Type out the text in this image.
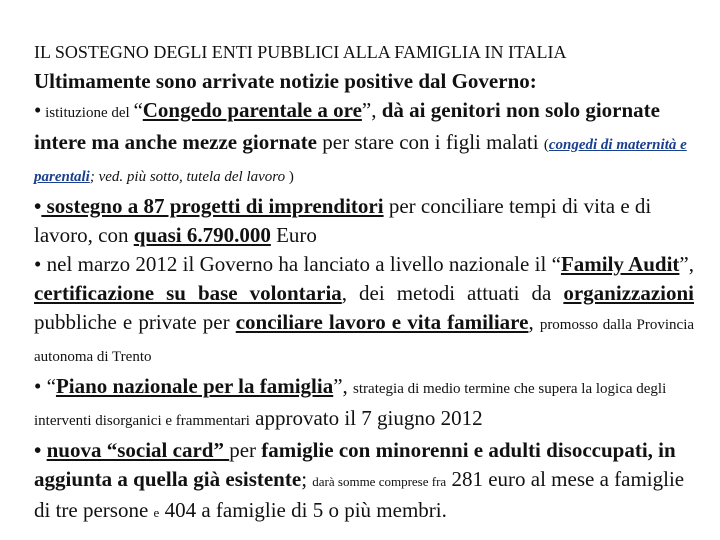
IL SOSTEGNO DEGLI ENTI PUBBLICI ALLA FAMIGLIA IN ITALIA

Ultimamente sono arrivate notizie positive dal Governo:

• istituzione del “Congedo parentale a ore”, dà ai genitori non solo giornate intere ma anche mezze giornate per stare con i figli malati (congedi di maternità e parentali; ved. più sotto, tutela del lavoro )

• sostegno a 87 progetti di imprenditori per conciliare tempi di vita e di lavoro, con quasi 6.790.000 Euro

• nel marzo 2012 il Governo ha lanciato a livello nazionale il “Family Audit”, certificazione su base volontaria, dei metodi attuati da organizzazioni pubbliche e private per conciliare lavoro e vita familiare, promosso dalla Provincia autonoma di Trento

• “Piano nazionale per la famiglia”, strategia di medio termine che supera la logica degli interventi disorganici e frammentari approvato il 7 giugno 2012

• nuova “social card” per famiglie con minorenni e adulti disoccupati, in aggiunta a quella già esistente; darà somme comprese fra 281 euro al mese a famiglie di tre persone e 404 a famiglie di 5 o più membri.
